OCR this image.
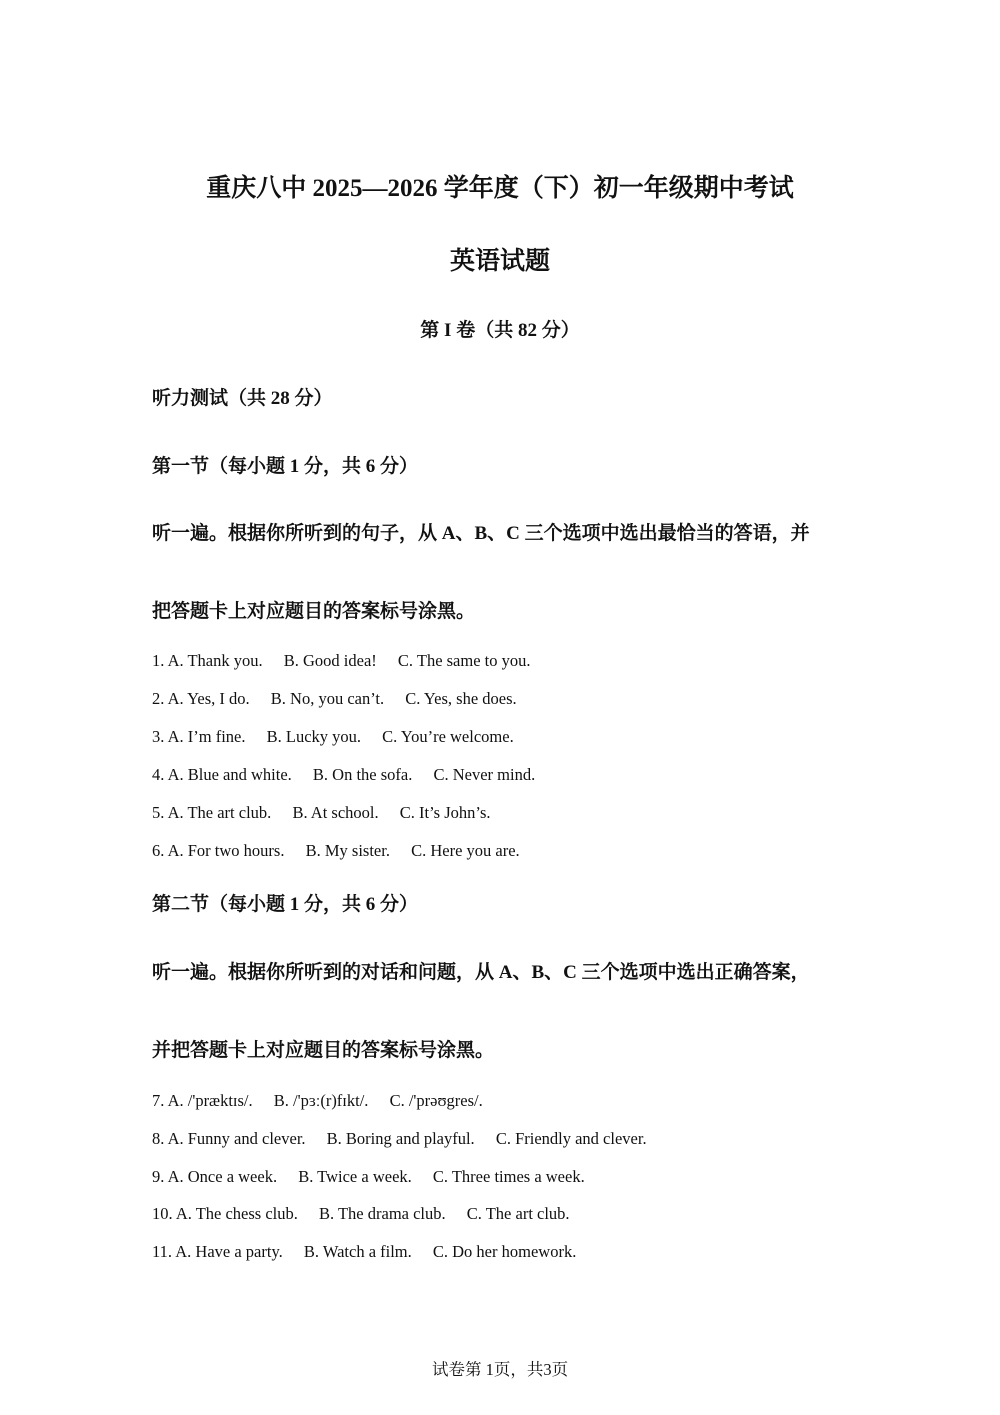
重庆八中 2025—2026 学年度（下）初一年级期中考试
英语试题
第 I 卷（共 82 分）
听力测试（共 28 分）
第一节（每小题 1 分，共 6 分）
听一遍。根据你所听到的句子，从 A、B、C 三个选项中选出最恰当的答语，并
把答题卡上对应题目的答案标号涂黑。
1. A. Thank you. B. Good idea! C. The same to you.
2. A. Yes, I do. B. No, you can’t. C. Yes, she does.
3. A. I’m fine. B. Lucky you. C. You’re welcome.
4. A. Blue and white. B. On the sofa. C. Never mind.
5. A. The art club. B. At school. C. It’s John’s.
6. A. For two hours. B. My sister. C. Here you are.
第二节（每小题 1 分，共 6 分）
听一遍。根据你所听到的对话和问题，从 A、B、C 三个选项中选出正确答案，
并把答题卡上对应题目的答案标号涂黑。
7. A. /'præktɪs/. B. /'pɜː(r)fɪkt/. C. /'prəʊgres/.
8. A. Funny and clever. B. Boring and playful. C. Friendly and clever.
9. A. Once a week. B. Twice a week. C. Three times a week.
10. A. The chess club. B. The drama club. C. The art club.
11. A. Have a party. B. Watch a film. C. Do her homework.
试卷第 1页，共3页
